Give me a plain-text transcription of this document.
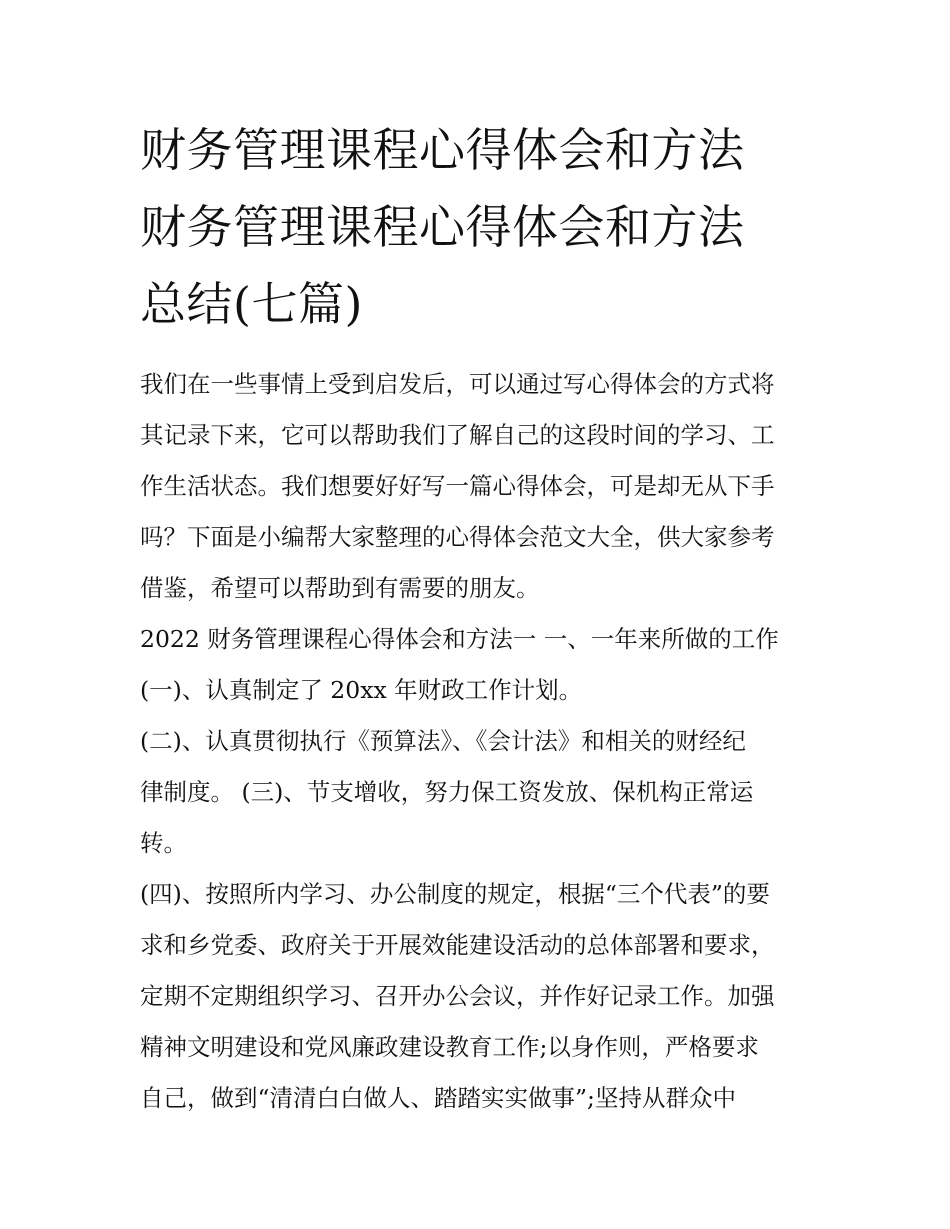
财务管理课程心得体会和方法
财务管理课程心得体会和方法
总结(七篇)

我们在一些事情上受到启发后，可以通过写心得体会的方式将
其记录下来，它可以帮助我们了解自己的这段时间的学习、工
作生活状态。我们想要好好写一篇心得体会，可是却无从下手
吗？下面是小编帮大家整理的心得体会范文大全，供大家参考
借鉴，希望可以帮助到有需要的朋友。

2022 财务管理课程心得体会和方法一 一、一年来所做的工作

(一)、认真制定了 20xx 年财政工作计划。

(二)、认真贯彻执行《预算法》、《会计法》和相关的财经纪
律制度。 (三)、节支增收，努力保工资发放、保机构正常运
转。

(四)、按照所内学习、办公制度的规定，根据“三个代表”的要
求和乡党委、政府关于开展效能建设活动的总体部署和要求，
定期不定期组织学习、召开办公会议，并作好记录工作。加强
精神文明建设和党风廉政建设教育工作;以身作则，严格要求
自己，做到“清清白白做人、踏踏实实做事”;坚持从群众中
